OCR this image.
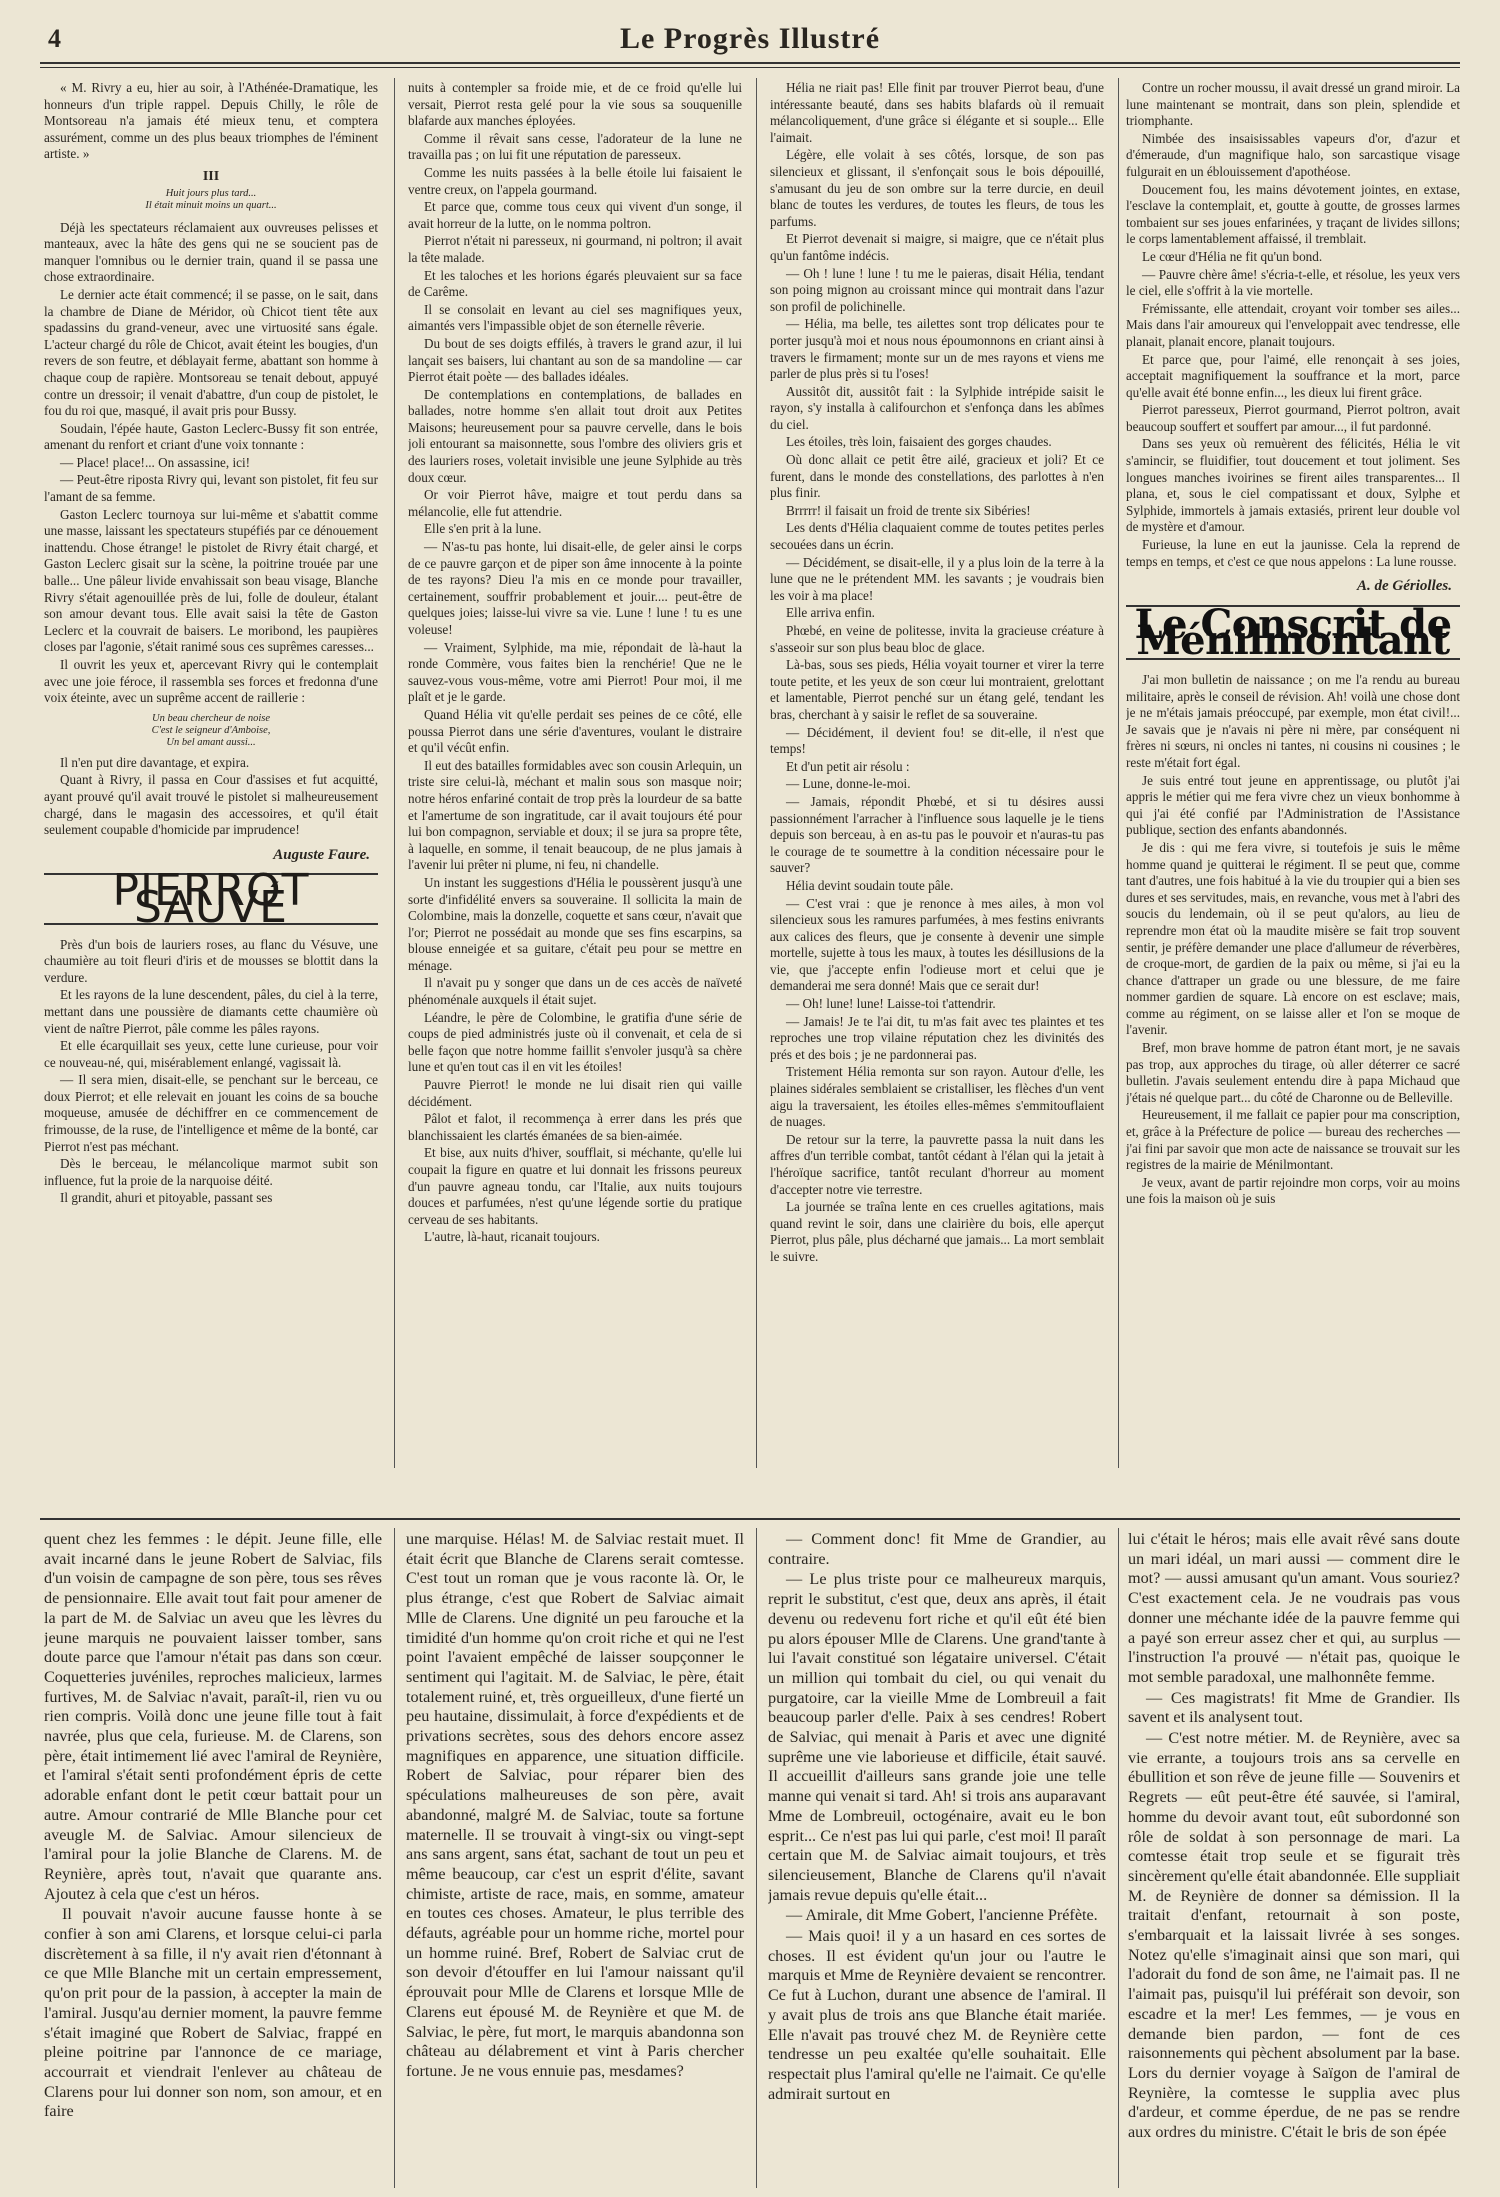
4	Le Progrès Illustré

« M. Rivry a eu, hier au soir, à l'Athénée-Dramatique, les honneurs d'un triple rappel. Depuis Chilly, le rôle de Montsoreau n'a jamais été mieux tenu, et comptera assurément, comme un des plus beaux triomphes de l'éminent artiste. »

III
Huit jours plus tard...
Il était minuit moins un quart...

Déjà les spectateurs réclamaient aux ouvreuses pelisses et manteaux, avec la hâte des gens qui ne se soucient pas de manquer l'omnibus ou le dernier train, quand il se passa une chose extraordinaire.

Le dernier acte était commencé; il se passe, on le sait, dans la chambre de Diane de Méridor, où Chicot tient tête aux spadassins du grand-veneur, avec une virtuosité sans égale. L'acteur chargé du rôle de Chicot, avait éteint les bougies, d'un revers de son feutre, et déblayait ferme, abattant son homme à chaque coup de rapière. Montsoreau se tenait debout, appuyé contre un dressoir; il venait d'abattre, d'un coup de pistolet, le fou du roi que, masqué, il avait pris pour Bussy.

Soudain, l'épée haute, Gaston Leclerc-Bussy fit son entrée, amenant du renfort et criant d'une voix tonnante :

— Place! place!... On assassine, ici!

— Peut-être riposta Rivry qui, levant son pistolet, fit feu sur l'amant de sa femme.

Gaston Leclerc tournoya sur lui-même et s'abattit comme une masse, laissant les spectateurs stupéfiés par ce dénouement inattendu. Chose étrange! le pistolet de Rivry était chargé, et Gaston Leclerc gisait sur la scène, la poitrine trouée par une balle... Une pâleur livide envahissait son beau visage, Blanche Rivry s'était agenouillée près de lui, folle de douleur, étalant son amour devant tous. Elle avait saisi la tête de Gaston Leclerc et la couvrait de baisers. Le moribond, les paupières closes par l'agonie, s'était ranimé sous ces suprêmes caresses...

Il ouvrit les yeux et, apercevant Rivry qui le contemplait avec une joie féroce, il rassembla ses forces et fredonna d'une voix éteinte, avec un suprême accent de raillerie :

Un beau chercheur de noise
C'est le seigneur d'Amboise,
Un bel amant aussi...

Il n'en put dire davantage, et expira.

Quant à Rivry, il passa en Cour d'assises et fut acquitté, ayant prouvé qu'il avait trouvé le pistolet si malheureusement chargé, dans le magasin des accessoires, et qu'il était seulement coupable d'homicide par imprudence!

Auguste Faure.
PIERROT SAUVÉ

Près d'un bois de lauriers roses, au flanc du Vésuve, une chaumière au toit fleuri d'iris et de mousses se blottit dans la verdure.

Et les rayons de la lune descendent, pâles, du ciel à la terre, mettant dans une poussière de diamants cette chaumière où vient de naître Pierrot, pâle comme les pâles rayons.

Et elle écarquillait ses yeux, cette lune curieuse, pour voir ce nouveau-né, qui, misérablement enlangé, vagissait là.

— Il sera mien, disait-elle, se penchant sur le berceau, ce doux Pierrot; et elle relevait en jouant les coins de sa bouche moqueuse, amusée de déchiffrer en ce commencement de frimousse, de la ruse, de l'intelligence et même de la bonté, car Pierrot n'est pas méchant.

Dès le berceau, le mélancolique marmot subit son influence, fut la proie de la narquoise déité.

Il grandit, ahuri et pitoyable, passant ses

nuits à contempler sa froide mie, et de ce froid qu'elle lui versait, Pierrot resta gelé pour la vie sous sa souquenille blafarde aux manches éployées.

Comme il rêvait sans cesse, l'adorateur de la lune ne travailla pas ; on lui fit une réputation de paresseux.

Comme les nuits passées à la belle étoile lui faisaient le ventre creux, on l'appela gourmand.

Et parce que, comme tous ceux qui vivent d'un songe, il avait horreur de la lutte, on le nomma poltron.

Pierrot n'était ni paresseux, ni gourmand, ni poltron; il avait la tête malade.

Et les taloches et les horions égarés pleuvaient sur sa face de Carême.

Il se consolait en levant au ciel ses magnifiques yeux, aimantés vers l'impassible objet de son éternelle rêverie.

Du bout de ses doigts effilés, à travers le grand azur, il lui lançait ses baisers, lui chantant au son de sa mandoline — car Pierrot était poète — des ballades idéales.

De contemplations en contemplations, de ballades en ballades, notre homme s'en allait tout droit aux Petites Maisons; heureusement pour sa pauvre cervelle, dans le bois joli entourant sa maisonnette, sous l'ombre des oliviers gris et des lauriers roses, voletait invisible une jeune Sylphide au très doux cœur.

Or voir Pierrot hâve, maigre et tout perdu dans sa mélancolie, elle fut attendrie.

Elle s'en prit à la lune.

— N'as-tu pas honte, lui disait-elle, de geler ainsi le corps de ce pauvre garçon et de piper son âme innocente à la pointe de tes rayons? Dieu l'a mis en ce monde pour travailler, certainement, souffrir probablement et jouir.... peut-être de quelques joies; laisse-lui vivre sa vie. Lune ! lune ! tu es une voleuse!

— Vraiment, Sylphide, ma mie, répondait de là-haut la ronde Commère, vous faites bien la renchérie! Que ne le sauvez-vous vous-même, votre ami Pierrot! Pour moi, il me plaît et je le garde.

Quand Hélia vit qu'elle perdait ses peines de ce côté, elle poussa Pierrot dans une série d'aventures, voulant le distraire et qu'il vécût enfin.

Il eut des batailles formidables avec son cousin Arlequin, un triste sire celui-là, méchant et malin sous son masque noir; notre héros enfariné contait de trop près la lourdeur de sa batte et l'amertume de son ingratitude, car il avait toujours été pour lui bon compagnon, serviable et doux; il se jura sa propre tête, à laquelle, en somme, il tenait beaucoup, de ne plus jamais à l'avenir lui prêter ni plume, ni feu, ni chandelle.

Un instant les suggestions d'Hélia le poussèrent jusqu'à une sorte d'infidélité envers sa souveraine. Il sollicita la main de Colombine, mais la donzelle, coquette et sans cœur, n'avait que l'or; Pierrot ne possédait au monde que ses fins escarpins, sa blouse enneigée et sa guitare, c'était peu pour se mettre en ménage.

Il n'avait pu y songer que dans un de ces accès de naïveté phénoménale auxquels il était sujet.

Léandre, le père de Colombine, le gratifia d'une série de coups de pied administrés juste où il convenait, et cela de si belle façon que notre homme faillit s'envoler jusqu'à sa chère lune et qu'en tout cas il en vit les étoiles!

Pauvre Pierrot! le monde ne lui disait rien qui vaille décidément.

Pâlot et falot, il recommença à errer dans les prés que blanchissaient les clartés émanées de sa bien-aimée.

Et bise, aux nuits d'hiver, soufflait, si méchante, qu'elle lui coupait la figure en quatre et lui donnait les frissons peureux d'un pauvre agneau tondu, car l'Italie, aux nuits toujours douces et parfumées, n'est qu'une légende sortie du pratique cerveau de ses habitants.

L'autre, là-haut, ricanait toujours.

Hélia ne riait pas! Elle finit par trouver Pierrot beau, d'une intéressante beauté, dans ses habits blafards où il remuait mélancoliquement, d'une grâce si élégante et si souple... Elle l'aimait.

Légère, elle volait à ses côtés, lorsque, de son pas silencieux et glissant, il s'enfonçait sous le bois dépouillé, s'amusant du jeu de son ombre sur la terre durcie, en deuil blanc de toutes les verdures, de toutes les fleurs, de tous les parfums.

Et Pierrot devenait si maigre, si maigre, que ce n'était plus qu'un fantôme indécis.

— Oh ! lune ! lune ! tu me le paieras, disait Hélia, tendant son poing mignon au croissant mince qui montrait dans l'azur son profil de polichinelle.

— Hélia, ma belle, tes ailettes sont trop délicates pour te porter jusqu'à moi et nous nous époumonnons en criant ainsi à travers le firmament; monte sur un de mes rayons et viens me parler de plus près si tu l'oses!

Aussitôt dit, aussitôt fait : la Sylphide intrépide saisit le rayon, s'y installa à califourchon et s'enfonça dans les abîmes du ciel.

Les étoiles, très loin, faisaient des gorges chaudes.

Où donc allait ce petit être ailé, gracieux et joli? Et ce furent, dans le monde des constellations, des parlottes à n'en plus finir.

Brrrrr! il faisait un froid de trente six Sibéries!

Les dents d'Hélia claquaient comme de toutes petites perles secouées dans un écrin.

— Décidément, se disait-elle, il y a plus loin de la terre à la lune que ne le prétendent MM. les savants ; je voudrais bien les voir à ma place!

Elle arriva enfin.

Phœbé, en veine de politesse, invita la gracieuse créature à s'asseoir sur son plus beau bloc de glace.

Là-bas, sous ses pieds, Hélia voyait tourner et virer la terre toute petite, et les yeux de son cœur lui montraient, grelottant et lamentable, Pierrot penché sur un étang gelé, tendant les bras, cherchant à y saisir le reflet de sa souveraine.

— Décidément, il devient fou! se dit-elle, il n'est que temps!

Et d'un petit air résolu :

— Lune, donne-le-moi.

— Jamais, répondit Phœbé, et si tu désires aussi passionnément l'arracher à l'influence sous laquelle je le tiens depuis son berceau, à en as-tu pas le pouvoir et n'auras-tu pas le courage de te soumettre à la condition nécessaire pour le sauver?

Hélia devint soudain toute pâle.

— C'est vrai : que je renonce à mes ailes, à mon vol silencieux sous les ramures parfumées, à mes festins enivrants aux calices des fleurs, que je consente à devenir une simple mortelle, sujette à tous les maux, à toutes les désillusions de la vie, que j'accepte enfin l'odieuse mort et celui que je demanderai me sera donné! Mais que ce serait dur!

— Oh! lune! lune! Laisse-toi t'attendrir.

— Jamais! Je te l'ai dit, tu m'as fait avec tes plaintes et tes reproches une trop vilaine réputation chez les divinités des prés et des bois ; je ne pardonnerai pas.

Tristement Hélia remonta sur son rayon. Autour d'elle, les plaines sidérales semblaient se cristalliser, les flèches d'un vent aigu la traversaient, les étoiles elles-mêmes s'emmitouflaient de nuages.

De retour sur la terre, la pauvrette passa la nuit dans les affres d'un terrible combat, tantôt cédant à l'élan qui la jetait à l'héroïque sacrifice, tantôt reculant d'horreur au moment d'accepter notre vie terrestre.

La journée se traîna lente en ces cruelles agitations, mais quand revint le soir, dans une clairière du bois, elle aperçut Pierrot, plus pâle, plus décharné que jamais... La mort semblait le suivre.

Contre un rocher moussu, il avait dressé un grand miroir. La lune maintenant se montrait, dans son plein, splendide et triomphante.

Nimbée des insaisissables vapeurs d'or, d'azur et d'émeraude, d'un magnifique halo, son sarcastique visage fulgurait en un éblouissement d'apothéose.

Doucement fou, les mains dévotement jointes, en extase, l'esclave la contemplait, et, goutte à goutte, de grosses larmes tombaient sur ses joues enfarinées, y traçant de livides sillons; le corps lamentablement affaissé, il tremblait.

Le cœur d'Hélia ne fit qu'un bond.

— Pauvre chère âme! s'écria-t-elle, et résolue, les yeux vers le ciel, elle s'offrit à la vie mortelle.

Frémissante, elle attendait, croyant voir tomber ses ailes... Mais dans l'air amoureux qui l'enveloppait avec tendresse, elle planait, planait encore, planait toujours.

Et parce que, pour l'aimé, elle renonçait à ses joies, acceptait magnifiquement la souffrance et la mort, parce qu'elle avait été bonne enfin..., les dieux lui firent grâce.

Pierrot paresseux, Pierrot gourmand, Pierrot poltron, avait beaucoup souffert et souffert par amour..., il fut pardonné.

Dans ses yeux où remuèrent des félicités, Hélia le vit s'amincir, se fluidifier, tout doucement et tout joliment. Ses longues manches ivoirines se firent ailes transparentes... Il plana, et, sous le ciel compatissant et doux, Sylphe et Sylphide, immortels à jamais extasiés, prirent leur double vol de mystère et d'amour.

Furieuse, la lune en eut la jaunisse. Cela la reprend de temps en temps, et c'est ce que nous appelons : La lune rousse.

A. de Gériolles.
Le Conscrit de Ménilmontant

J'ai mon bulletin de naissance ; on me l'a rendu au bureau militaire, après le conseil de révision. Ah! voilà une chose dont je ne m'étais jamais préoccupé, par exemple, mon état civil!... Je savais que je n'avais ni père ni mère, par conséquent ni frères ni sœurs, ni oncles ni tantes, ni cousins ni cousines ; le reste m'était fort égal.

Je suis entré tout jeune en apprentissage, ou plutôt j'ai appris le métier qui me fera vivre chez un vieux bonhomme à qui j'ai été confié par l'Administration de l'Assistance publique, section des enfants abandonnés.

Je dis : qui me fera vivre, si toutefois je suis le même homme quand je quitterai le régiment. Il se peut que, comme tant d'autres, une fois habitué à la vie du troupier qui a bien ses dures et ses servitudes, mais, en revanche, vous met à l'abri des soucis du lendemain, où il se peut qu'alors, au lieu de reprendre mon état où la maudite misère se fait trop souvent sentir, je préfère demander une place d'allumeur de réverbères, de croque-mort, de gardien de la paix ou même, si j'ai eu la chance d'attraper un grade ou une blessure, de me faire nommer gardien de square. Là encore on est esclave; mais, comme au régiment, on se laisse aller et l'on se moque de l'avenir.

Bref, mon brave homme de patron étant mort, je ne savais pas trop, aux approches du tirage, où aller déterrer ce sacré bulletin. J'avais seulement entendu dire à papa Michaud que j'étais né quelque part... du côté de Charonne ou de Belleville.

Heureusement, il me fallait ce papier pour ma conscription, et, grâce à la Préfecture de police — bureau des recherches — j'ai fini par savoir que mon acte de naissance se trouvait sur les registres de la mairie de Ménilmontant.

Je veux, avant de partir rejoindre mon corps, voir au moins une fois la maison où je suis

quent chez les femmes : le dépit. Jeune fille, elle avait incarné dans le jeune Robert de Salviac, fils d'un voisin de campagne de son père, tous ses rêves de pensionnaire. Elle avait tout fait pour amener de la part de M. de Salviac un aveu que les lèvres du jeune marquis ne pouvaient laisser tomber, sans doute parce que l'amour n'était pas dans son cœur. Coquetteries juvéniles, reproches malicieux, larmes furtives, M. de Salviac n'avait, paraît-il, rien vu ou rien compris. Voilà donc une jeune fille tout à fait navrée, plus que cela, furieuse. M. de Clarens, son père, était intimement lié avec l'amiral de Reynière, et l'amiral s'était senti profondément épris de cette adorable enfant dont le petit cœur battait pour un autre. Amour contrarié de Mlle Blanche pour cet aveugle M. de Salviac. Amour silencieux de l'amiral pour la jolie Blanche de Clarens. M. de Reynière, après tout, n'avait que quarante ans. Ajoutez à cela que c'est un héros.

Il pouvait n'avoir aucune fausse honte à se confier à son ami Clarens, et lorsque celui-ci parla discrètement à sa fille, il n'y avait rien d'étonnant à ce que Mlle Blanche mit un certain empressement, qu'on prit pour de la passion, à accepter la main de l'amiral. Jusqu'au dernier moment, la pauvre femme s'était imaginé que Robert de Salviac, frappé en pleine poitrine par l'annonce de ce mariage, accourrait et viendrait l'enlever au château de Clarens pour lui donner son nom, son amour, et en faire

une marquise. Hélas! M. de Salviac restait muet. Il était écrit que Blanche de Clarens serait comtesse. C'est tout un roman que je vous raconte là. Or, le plus étrange, c'est que Robert de Salviac aimait Mlle de Clarens. Une dignité un peu farouche et la timidité d'un homme qu'on croit riche et qui ne l'est point l'avaient empêché de laisser soupçonner le sentiment qui l'agitait. M. de Salviac, le père, était totalement ruiné, et, très orgueilleux, d'une fierté un peu hautaine, dissimulait, à force d'expédients et de privations secrètes, sous des dehors encore assez magnifiques en apparence, une situation difficile. Robert de Salviac, pour réparer bien des spéculations malheureuses de son père, avait abandonné, malgré M. de Salviac, toute sa fortune maternelle. Il se trouvait à vingt-six ou vingt-sept ans sans argent, sans état, sachant de tout un peu et même beaucoup, car c'est un esprit d'élite, savant chimiste, artiste de race, mais, en somme, amateur en toutes ces choses. Amateur, le plus terrible des défauts, agréable pour un homme riche, mortel pour un homme ruiné. Bref, Robert de Salviac crut de son devoir d'étouffer en lui l'amour naissant qu'il éprouvait pour Mlle de Clarens et lorsque Mlle de Clarens eut épousé M. de Reynière et que M. de Salviac, le père, fut mort, le marquis abandonna son château au délabrement et vint à Paris chercher fortune. Je ne vous ennuie pas, mesdames?

— Comment donc! fit Mme de Grandier, au contraire.

— Le plus triste pour ce malheureux marquis, reprit le substitut, c'est que, deux ans après, il était devenu ou redevenu fort riche et qu'il eût été bien pu alors épouser Mlle de Clarens. Une grand'tante à lui l'avait constitué son légataire universel. C'était un million qui tombait du ciel, ou qui venait du purgatoire, car la vieille Mme de Lombreuil a fait beaucoup parler d'elle. Paix à ses cendres! Robert de Salviac, qui menait à Paris et avec une dignité suprême une vie laborieuse et difficile, était sauvé. Il accueillit d'ailleurs sans grande joie une telle manne qui venait si tard. Ah! si trois ans auparavant Mme de Lombreuil, octogénaire, avait eu le bon esprit... Ce n'est pas lui qui parle, c'est moi! Il paraît certain que M. de Salviac aimait toujours, et très silencieusement, Blanche de Clarens qu'il n'avait jamais revue depuis qu'elle était...

— Amirale, dit Mme Gobert, l'ancienne Préfète.

— Mais quoi! il y a un hasard en ces sortes de choses. Il est évident qu'un jour ou l'autre le marquis et Mme de Reynière devaient se rencontrer. Ce fut à Luchon, durant une absence de l'amiral. Il y avait plus de trois ans que Blanche était mariée. Elle n'avait pas trouvé chez M. de Reynière cette tendresse un peu exaltée qu'elle souhaitait. Elle respectait plus l'amiral qu'elle ne l'aimait. Ce qu'elle admirait surtout en

lui c'était le héros; mais elle avait rêvé sans doute un mari idéal, un mari aussi — comment dire le mot? — aussi amusant qu'un amant. Vous souriez? C'est exactement cela. Je ne voudrais pas vous donner une méchante idée de la pauvre femme qui a payé son erreur assez cher et qui, au surplus —l'instruction l'a prouvé — n'était pas, quoique le mot semble paradoxal, une malhonnête femme.

— Ces magistrats! fit Mme de Grandier. Ils savent et ils analysent tout.

— C'est notre métier. M. de Reynière, avec sa vie errante, a toujours trois ans sa cervelle en ébullition et son rêve de jeune fille — Souvenirs et Regrets — eût peut-être été sauvée, si l'amiral, homme du devoir avant tout, eût subordonné son rôle de soldat à son personnage de mari. La comtesse était trop seule et se figurait très sincèrement qu'elle était abandonnée. Elle suppliait M. de Reynière de donner sa démission. Il la traitait d'enfant, retournait à son poste, s'embarquait et la laissait livrée à ses songes. Notez qu'elle s'imaginait ainsi que son mari, qui l'adorait du fond de son âme, ne l'aimait pas. Il ne l'aimait pas, puisqu'il lui préférait son devoir, son escadre et la mer! Les femmes, — je vous en demande bien pardon, — font de ces raisonnements qui pèchent absolument par la base. Lors du dernier voyage à Saïgon de l'amiral de Reynière, la comtesse le supplia avec plus d'ardeur, et comme éperdue, de ne pas se rendre aux ordres du ministre. C'était le bris de son épée
